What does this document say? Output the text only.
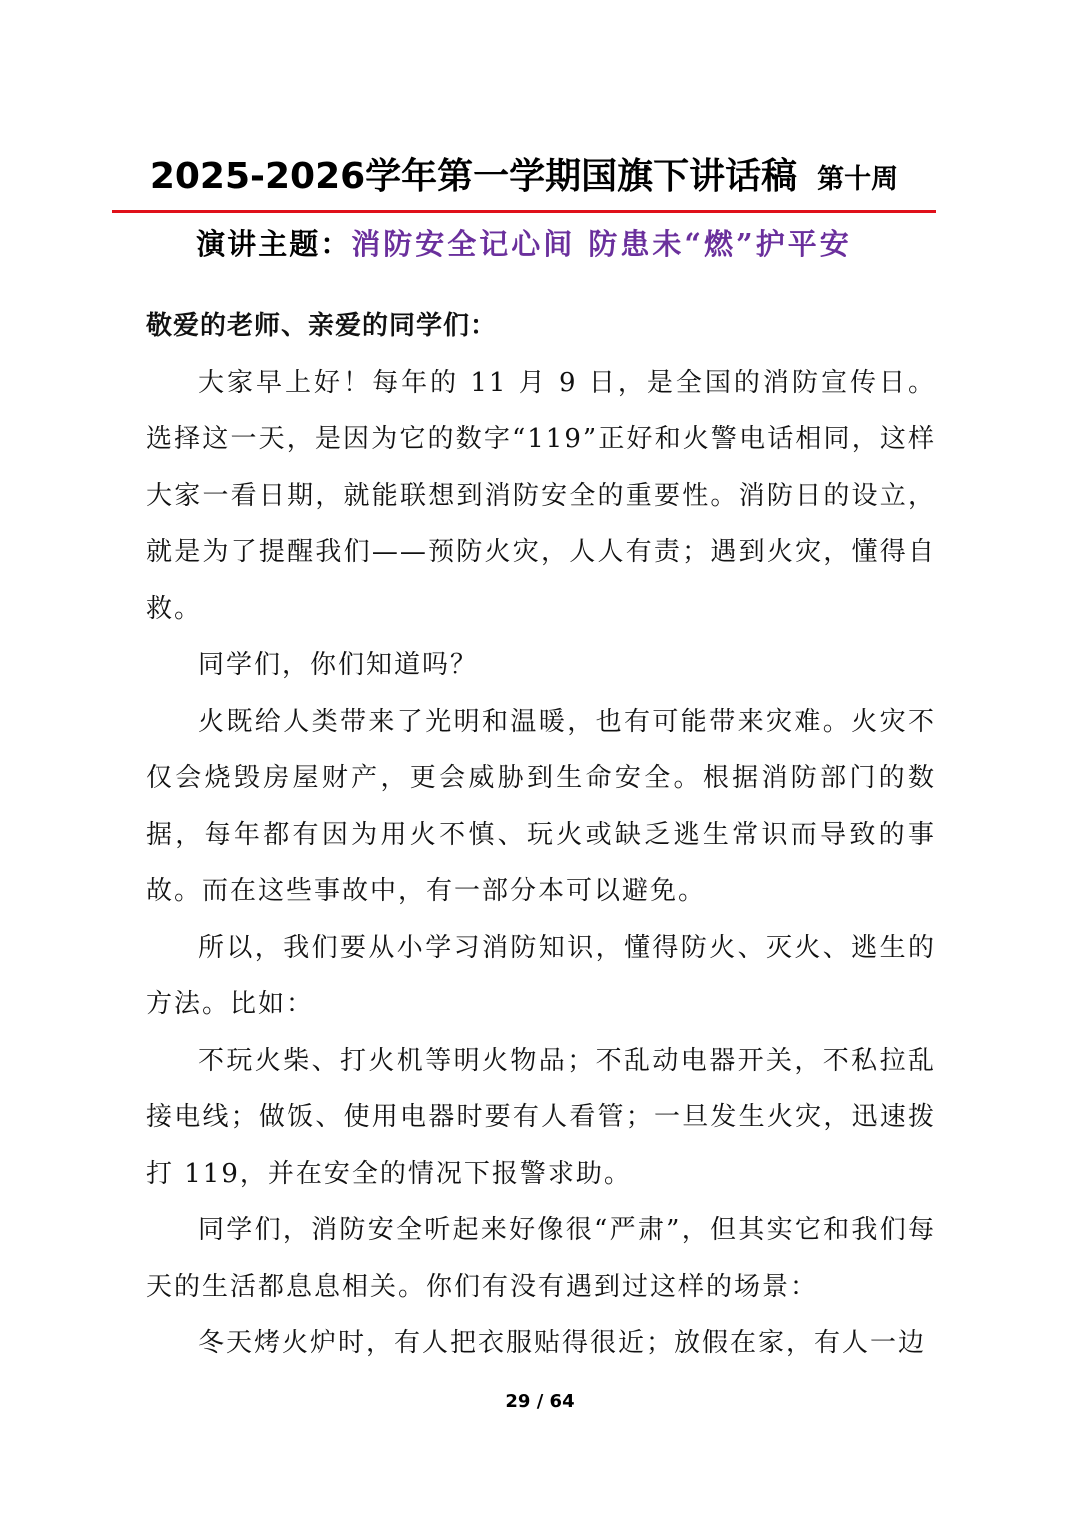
2025-2026学年第一学期国旗下讲话稿 第十周
演讲主题：消防安全记心间 防患未“燃”护平安

敬爱的老师、亲爱的同学们：

大家早上好！每年的 11 月 9 日，是全国的消防宣传日。选择这一天，是因为它的数字“119”正好和火警电话相同，这样大家一看日期，就能联想到消防安全的重要性。消防日的设立，就是为了提醒我们——预防火灾，人人有责；遇到火灾，懂得自救。

同学们，你们知道吗？

火既给人类带来了光明和温暖，也有可能带来灾难。火灾不仅会烧毁房屋财产，更会威胁到生命安全。根据消防部门的数据，每年都有因为用火不慎、玩火或缺乏逃生常识而导致的事故。而在这些事故中，有一部分本可以避免。

所以，我们要从小学习消防知识，懂得防火、灭火、逃生的方法。比如：

不玩火柴、打火机等明火物品；不乱动电器开关，不私拉乱接电线；做饭、使用电器时要有人看管；一旦发生火灾，迅速拨打 119，并在安全的情况下报警求助。

同学们，消防安全听起来好像很“严肃”，但其实它和我们每天的生活都息息相关。你们有没有遇到过这样的场景：

冬天烤火炉时，有人把衣服贴得很近；放假在家，有人一边

29 / 64
